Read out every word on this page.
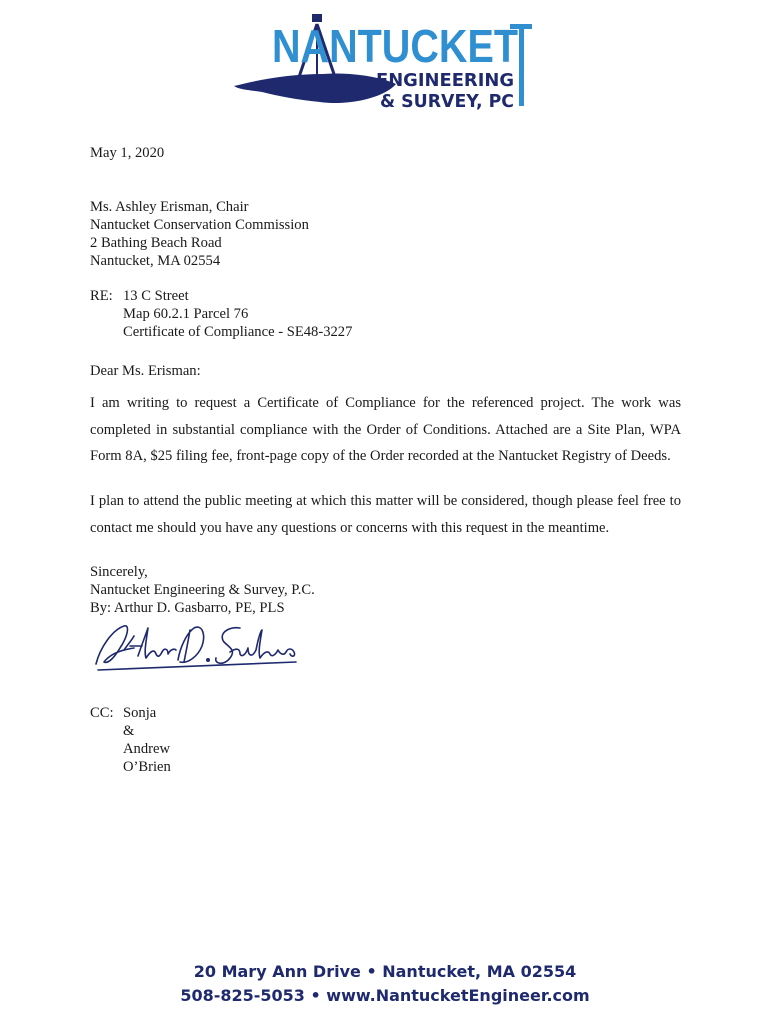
NANTUCKET
ENGINEERING
& SURVEY, PC
May 1, 2020
Ms. Ashley Erisman, Chair
Nantucket Conservation Commission
2 Bathing Beach Road
Nantucket, MA 02554
RE: 13 C Street
Map 60.2.1 Parcel 76
Certificate of Compliance - SE48-3227
Dear Ms. Erisman:

I am writing to request a Certificate of Compliance for the referenced project. The work was completed in substantial compliance with the Order of Conditions. Attached are a Site Plan, WPA Form 8A, $25 filing fee, front-page copy of the Order recorded at the Nantucket Registry of Deeds.

I plan to attend the public meeting at which this matter will be considered, though please feel free to contact me should you have any questions or concerns with this request in the meantime.

Sincerely,
Nantucket Engineering & Survey, P.C.
By: Arthur D. Gasbarro, PE, PLS
CC: Sonja & Andrew O’Brien
20 Mary Ann Drive • Nantucket, MA 02554
508-825-5053 • www.NantucketEngineer.com
